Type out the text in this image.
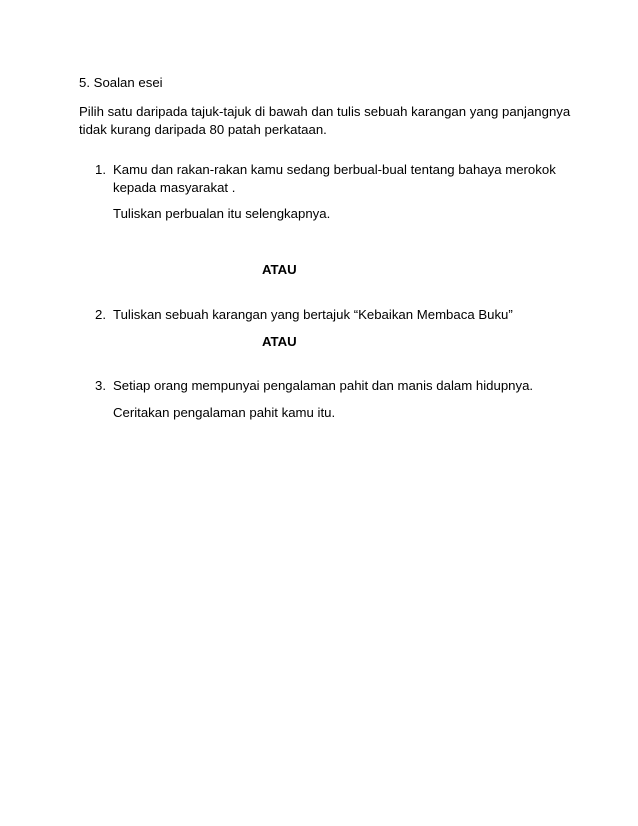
5. Soalan esei
Pilih satu daripada tajuk-tajuk di bawah dan tulis sebuah karangan yang panjangnya
tidak kurang daripada 80 patah perkataan.
1. Kamu dan rakan-rakan kamu sedang berbual-bual tentang bahaya merokok
kepada masyarakat .
Tuliskan perbualan itu selengkapnya.
ATAU
2. Tuliskan sebuah karangan yang bertajuk “Kebaikan Membaca Buku”
ATAU
3. Setiap orang mempunyai pengalaman pahit dan manis dalam hidupnya.
Ceritakan pengalaman pahit kamu itu.
